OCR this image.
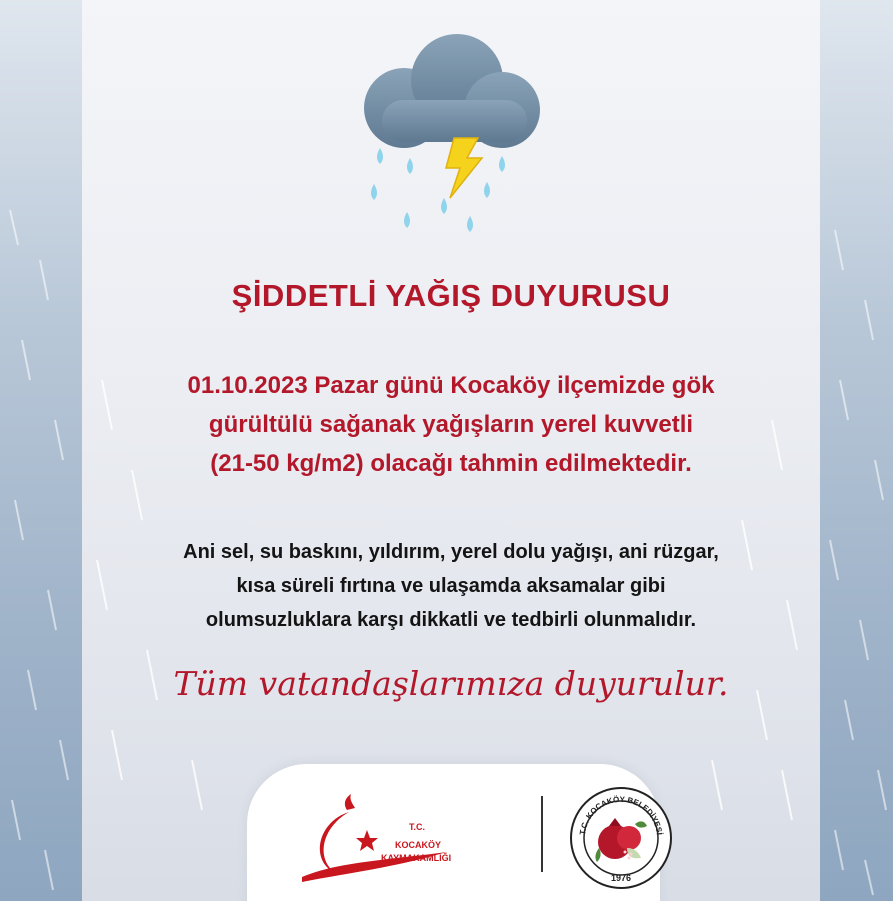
ŞİDDETLİ YAĞIŞ DUYURUSU
01.10.2023 Pazar günü Kocaköy ilçemizde gök
gürültülü sağanak yağışların yerel kuvvetli
(21-50 kg/m2) olacağı tahmin edilmektedir.
Ani sel, su baskını, yıldırım, yerel dolu yağışı, ani rüzgar,
kısa süreli fırtına ve ulaşamda aksamalar gibi
olumsuzluklara karşı dikkatli ve tedbirli olunmalıdır.
Tüm vatandaşlarımıza duyurulur.
T.C.
KOCAKÖY
KAYMAKAMLIĞI
T.C. KOCAKÖY BELEDİYESİ
1976
